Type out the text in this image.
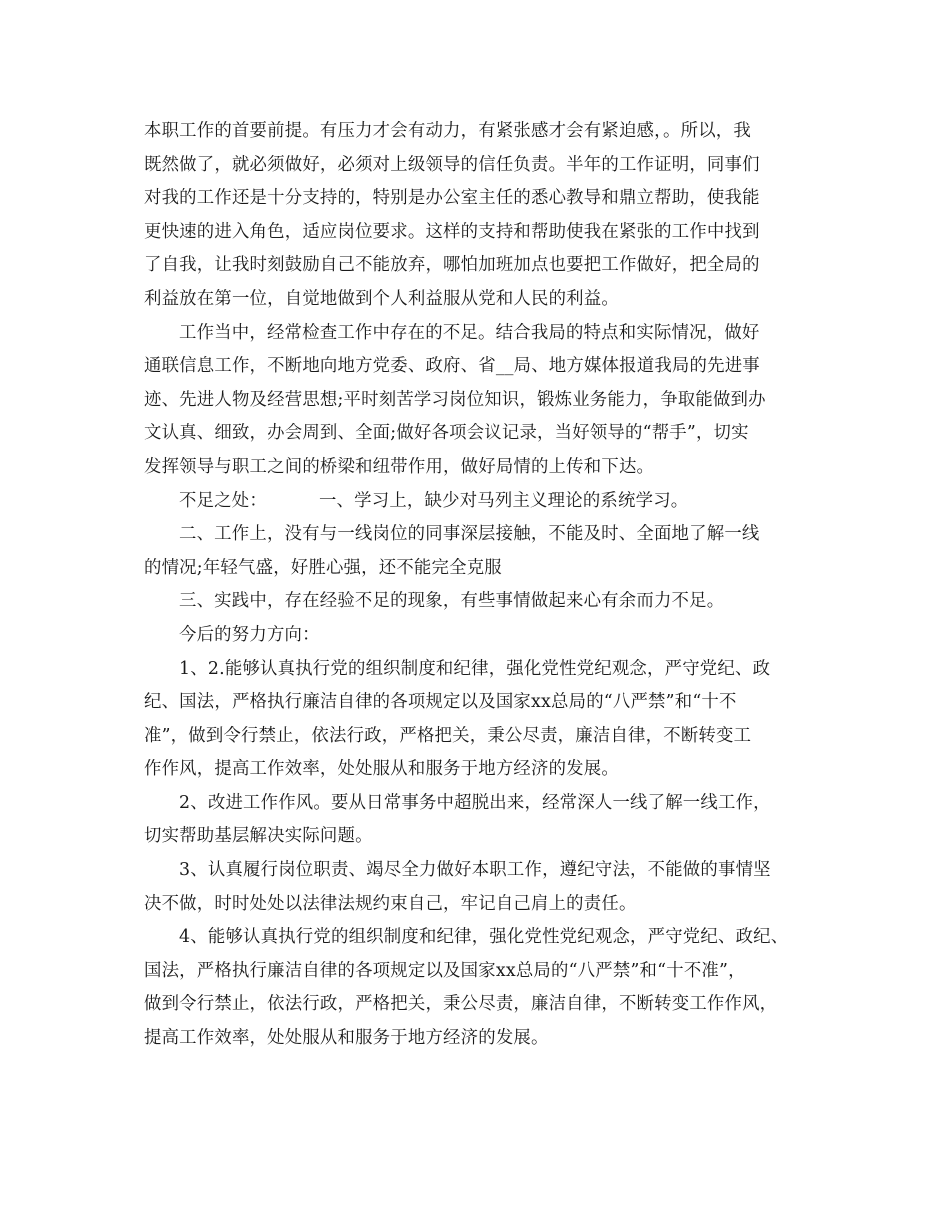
本职工作的首要前提。有压力才会有动力，有紧张感才会有紧迫感，。所以，我
既然做了，就必须做好，必须对上级领导的信任负责。半年的工作证明，同事们
对我的工作还是十分支持的，特别是办公室主任的悉心教导和鼎立帮助，使我能
更快速的进入角色，适应岗位要求。这样的支持和帮助使我在紧张的工作中找到
了自我，让我时刻鼓励自己不能放弃，哪怕加班加点也要把工作做好，把全局的
利益放在第一位，自觉地做到个人利益服从党和人民的利益。

工作当中，经常检查工作中存在的不足。结合我局的特点和实际情况，做好
通联信息工作，不断地向地方党委、政府、省__局、地方媒体报道我局的先进事
迹、先进人物及经营思想;平时刻苦学习岗位知识，锻炼业务能力，争取能做到办
文认真、细致，办会周到、全面;做好各项会议记录，当好领导的“帮手”，切实
发挥领导与职工之间的桥梁和纽带作用，做好局情的上传和下达。

不足之处：	一、学习上，缺少对马列主义理论的系统学习。

二、工作上，没有与一线岗位的同事深层接触，不能及时、全面地了解一线
的情况;年轻气盛，好胜心强，还不能完全克服

三、实践中，存在经验不足的现象，有些事情做起来心有余而力不足。

今后的努力方向：

1、2.能够认真执行党的组织制度和纪律，强化党性党纪观念，严守党纪、政
纪、国法，严格执行廉洁自律的各项规定以及国家xx总局的“八严禁”和“十不
准”，做到令行禁止，依法行政，严格把关，秉公尽责，廉洁自律，不断转变工
作作风，提高工作效率，处处服从和服务于地方经济的发展。

2、改进工作作风。要从日常事务中超脱出来，经常深人一线了解一线工作，
切实帮助基层解决实际问题。

3、认真履行岗位职责、竭尽全力做好本职工作，遵纪守法，不能做的事情坚
决不做，时时处处以法律法规约束自己，牢记自己肩上的责任。

4、能够认真执行党的组织制度和纪律，强化党性党纪观念，严守党纪、政纪、
国法，严格执行廉洁自律的各项规定以及国家xx总局的“八严禁”和“十不准”，
做到令行禁止，依法行政，严格把关，秉公尽责，廉洁自律，不断转变工作作风，
提高工作效率，处处服从和服务于地方经济的发展。
